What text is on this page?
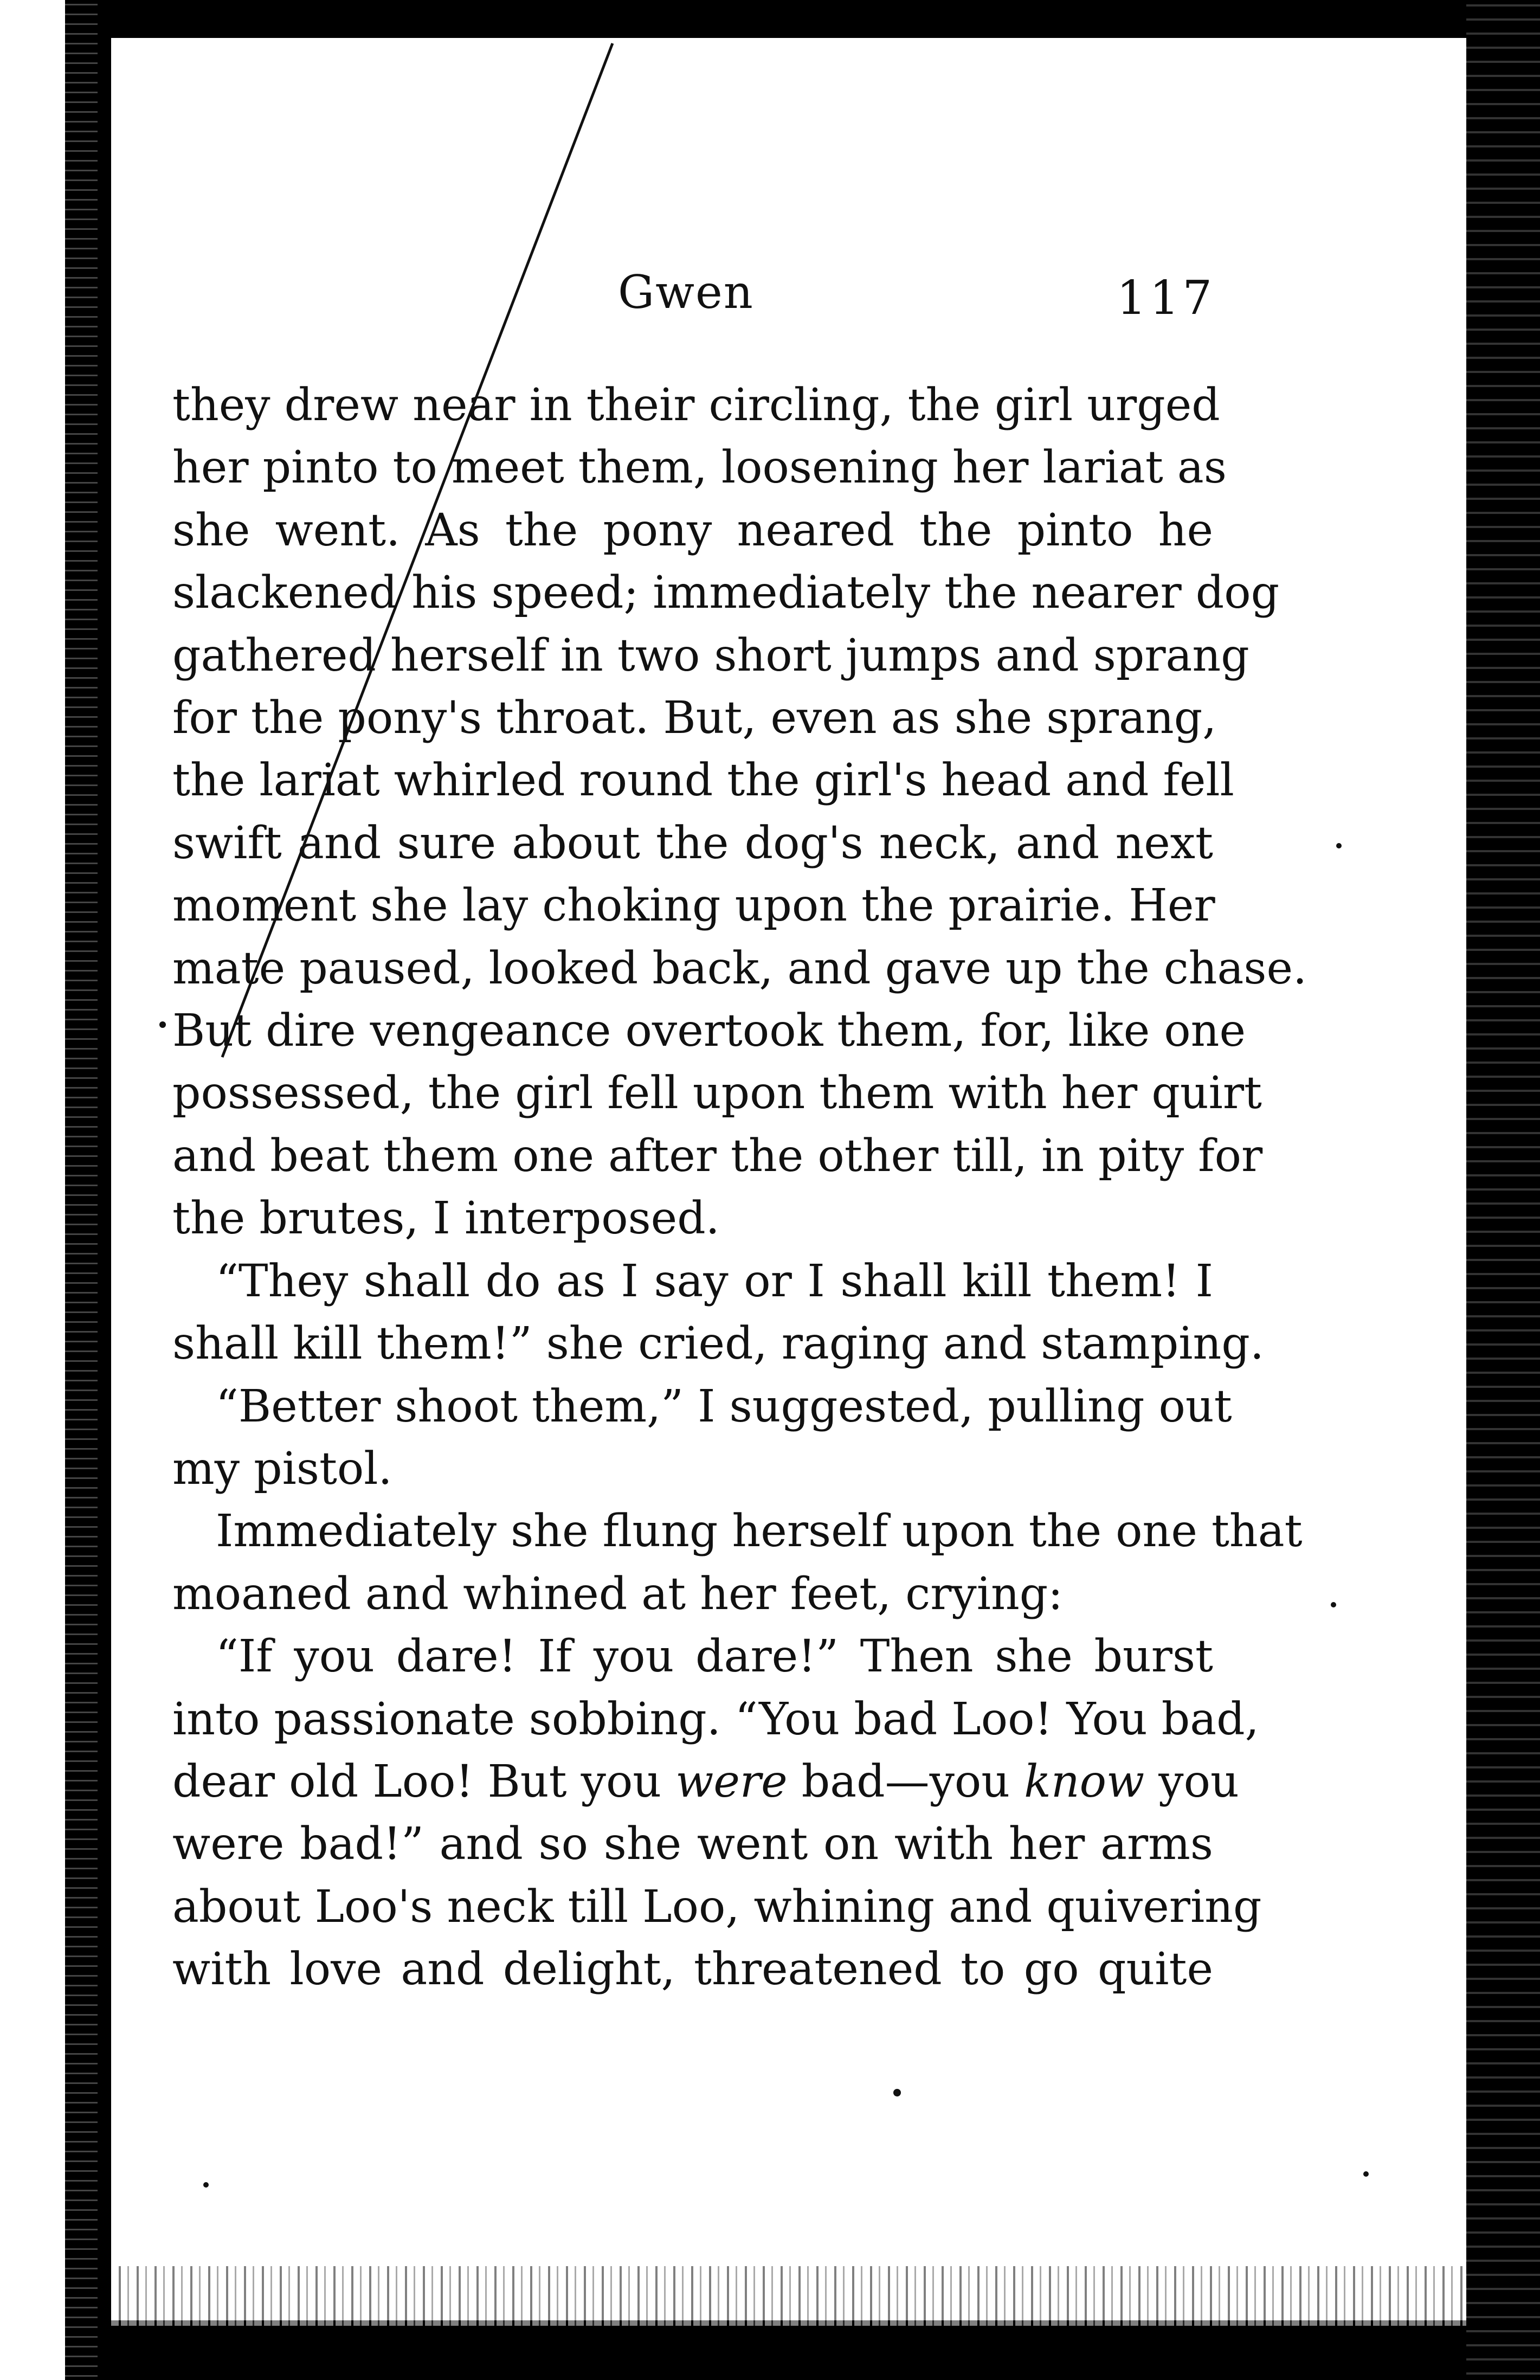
Gwen	117
they drew near in their circling, the girl urged
her pinto to meet them, loosening her lariat as
she went. As the pony neared the pinto he
slackened his speed; immediately the nearer dog
gathered herself in two short jumps and sprang
for the pony's throat. But, even as she sprang,
the lariat whirled round the girl's head and fell
swift and sure about the dog's neck, and next
moment she lay choking upon the prairie. Her
mate paused, looked back, and gave up the chase.
But dire vengeance overtook them, for, like one
possessed, the girl fell upon them with her quirt
and beat them one after the other till, in pity for
the brutes, I interposed.
“They shall do as I say or I shall kill them! I
shall kill them!” she cried, raging and stamping.
“Better shoot them,” I suggested, pulling out
my pistol.
Immediately she flung herself upon the one that
moaned and whined at her feet, crying:
“If you dare! If you dare!” Then she burst
into passionate sobbing. “You bad Loo! You bad,
dear old Loo! But you were bad—you know you
were bad!” and so she went on with her arms
about Loo's neck till Loo, whining and quivering
with love and delight, threatened to go quite
